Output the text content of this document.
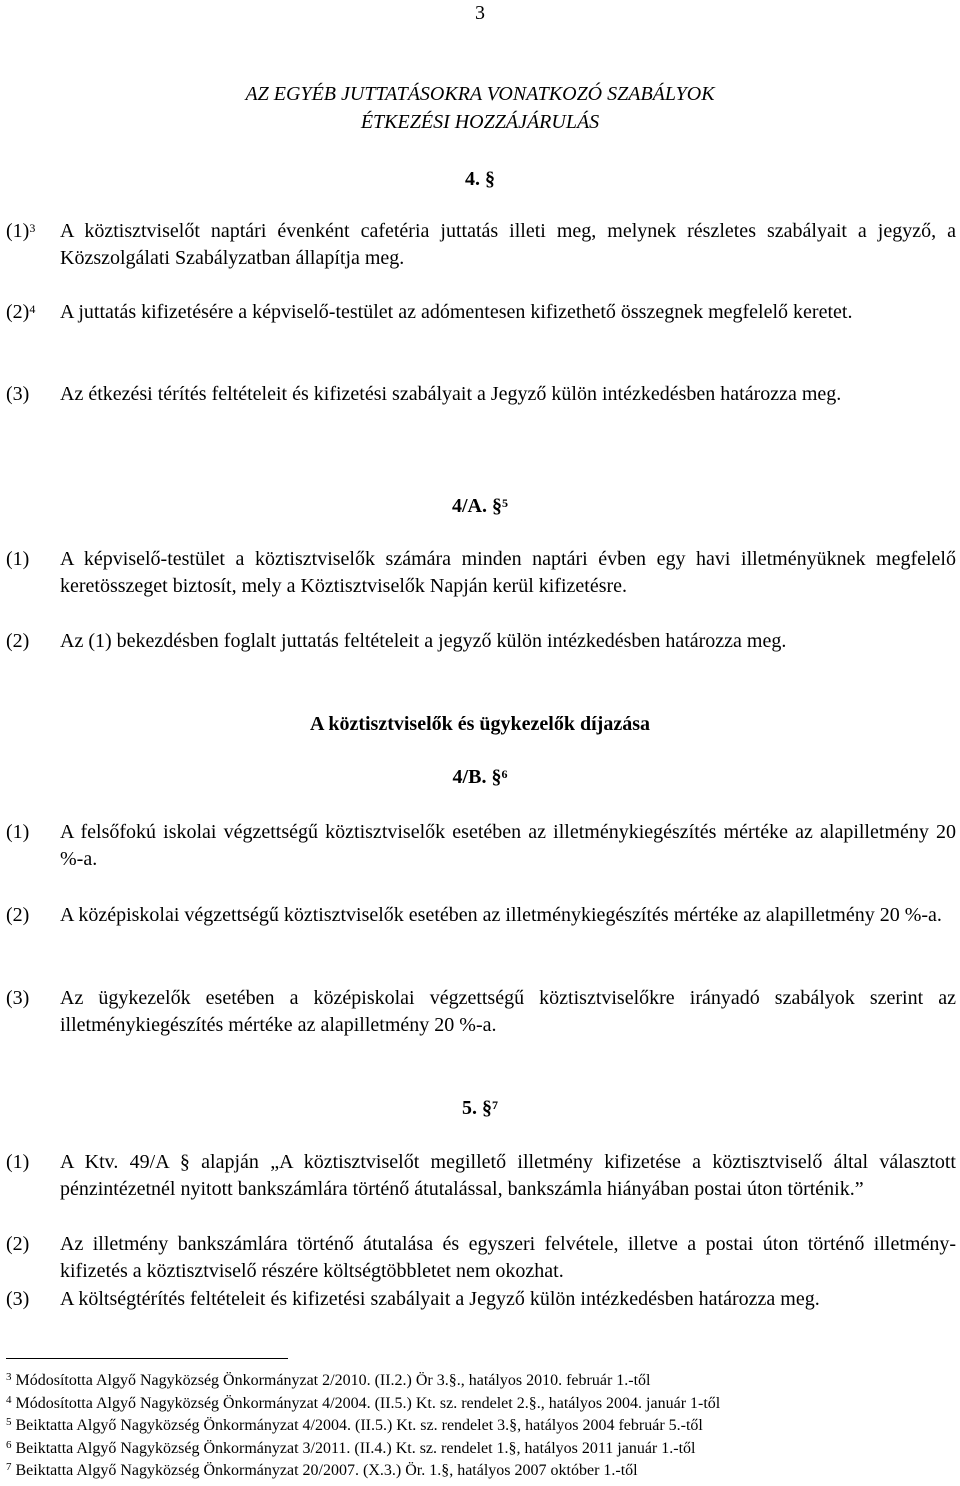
3
AZ EGYÉB JUTTATÁSOKRA VONATKOZÓ SZABÁLYOK
ÉTKEZÉSI HOZZÁJÁRULÁS
4. §
$(1)^3$ A köztisztviselőt naptári évenként cafetéria juttatás illeti meg, melynek részletes szabályait a jegyző, a Közszolgálati Szabályzatban állapítja meg.
$(2)^4$ A juttatás kifizetésére a képviselő-testület az adómentesen kifizethető összegnek megfelelő keretet.
(3) Az étkezési térítés feltételeit és kifizetési szabályait a Jegyző külön intézkedésben határozza meg.
4/A. §$^5$
(1) A képviselő-testület a köztisztviselők számára minden naptári évben egy havi illetményüknek megfelelő keretösszeget biztosít, mely a Köztisztviselők Napján kerül kifizetésre.
(2) Az (1) bekezdésben foglalt juttatás feltételeit a jegyző külön intézkedésben határozza meg.
A köztisztviselők és ügykezelők díjazása
4/B. §$^6$
(1) A felsőfokú iskolai végzettségű köztisztviselők esetében az illetménykiegészítés mértéke az alapilletmény 20 %-a.
(2) A középiskolai végzettségű köztisztviselők esetében az illetménykiegészítés mértéke az alapilletmény 20 %-a.
(3) Az ügykezelők esetében a középiskolai végzettségű köztisztviselőkre irányadó szabályok szerint az illetménykiegészítés mértéke az alapilletmény 20 %-a.
5. §$^7$
(1) A Ktv. 49/A § alapján „A köztisztviselőt megillető illetmény kifizetése a köztisztviselő által választott pénzintézetnél nyitott bankszámlára történő átutalással, bankszámla hiányában postai úton történik.”
(2) Az illetmény bankszámlára történő átutalása és egyszeri felvétele, illetve a postai úton történő illetmény-kifizetés a köztisztviselő részére költségtöbbletet nem okozhat.
(3) A költségtérítés feltételeit és kifizetési szabályait a Jegyző külön intézkedésben határozza meg.
$^3$ Módosította Algyő Nagyközség Önkormányzat 2/2010. (II.2.) Ör 3.§., hatályos 2010. február 1.-től
$^4$ Módosította Algyő Nagyközség Önkormányzat 4/2004. (II.5.) Kt. sz. rendelet 2.§., hatályos 2004. január 1-től
$^5$ Beiktatta Algyő Nagyközség Önkormányzat 4/2004. (II.5.) Kt. sz. rendelet 3.§, hatályos 2004 február 5.-től
$^6$ Beiktatta Algyő Nagyközség Önkormányzat 3/2011. (II.4.) Kt. sz. rendelet 1.§, hatályos 2011 január 1.-től
$^7$ Beiktatta Algyő Nagyközség Önkormányzat 20/2007. (X.3.) Ör. 1.§, hatályos 2007 október 1.-től
